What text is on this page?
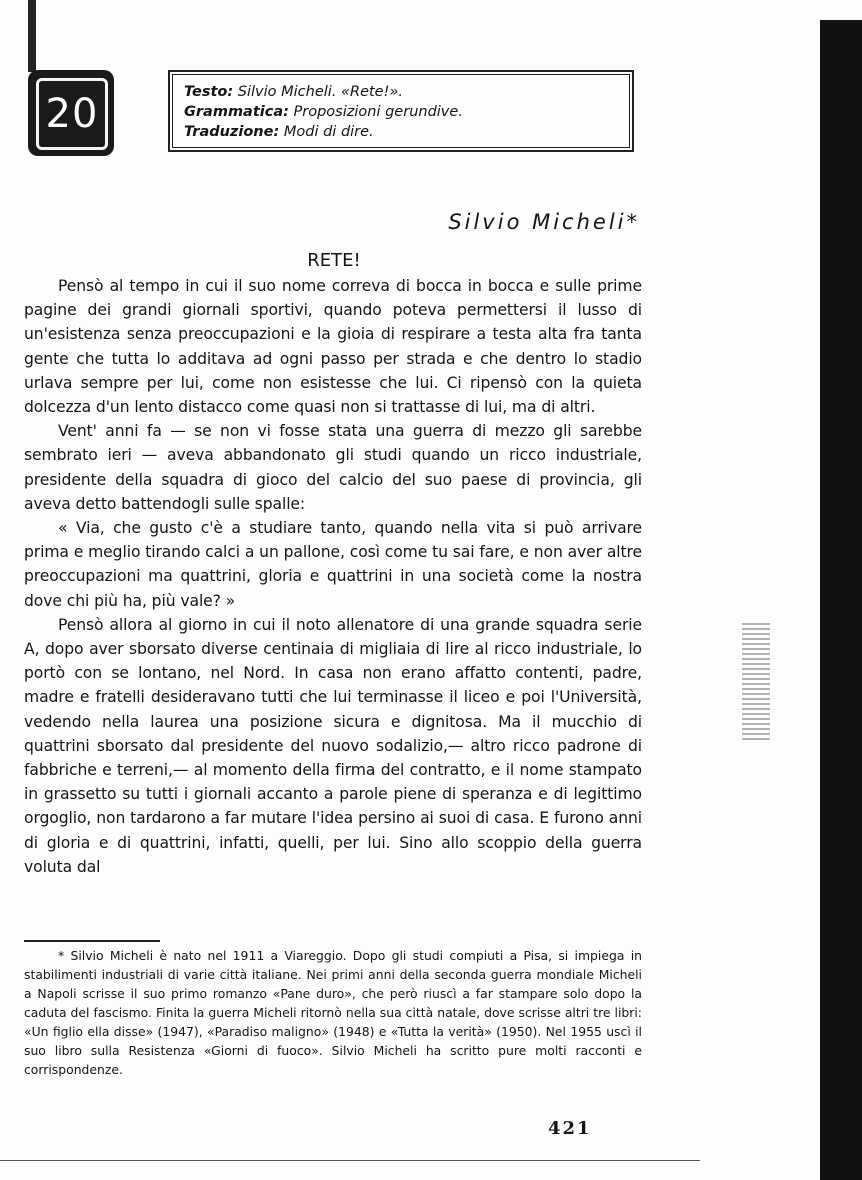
20	Testo: Silvio Micheli. «Rete!».
Grammatica: Proposizioni gerundive.
Traduzione: Modi di dire.
Silvio Micheli*
RETE!

Pensò al tempo in cui il suo nome correva di bocca in bocca e sulle prime pagine dei grandi giornali sportivi, quando poteva permettersi il lusso di un'esistenza senza preoccupazioni e la gioia di respirare a testa alta fra tanta gente che tutta lo additava ad ogni passo per strada e che dentro lo stadio urlava sempre per lui, come non esistesse che lui. Ci ripensò con la quieta dolcezza d'un lento distacco come quasi non si trattasse di lui, ma di altri.

Vent' anni fa — se non vi fosse stata una guerra di mezzo gli sarebbe sembrato ieri — aveva abbandonato gli studi quando un ricco industriale, presidente della squadra di gioco del calcio del suo paese di provincia, gli aveva detto battendogli sulle spalle:

« Via, che gusto c'è a studiare tanto, quando nella vita si può arrivare prima e meglio tirando calci a un pallone, così come tu sai fare, e non aver altre preoccupazioni ma quattrini, gloria e quattrini in una società come la nostra dove chi più ha, più vale? »

Pensò allora al giorno in cui il noto allenatore di una grande squadra serie A, dopo aver sborsato diverse centinaia di migliaia di lire al ricco industriale, lo portò con se lontano, nel Nord. In casa non erano affatto contenti, padre, madre e fratelli desideravano tutti che lui terminasse il liceo e poi l'Università, vedendo nella laurea una posizione sicura e dignitosa. Ma il mucchio di quattrini sborsato dal presidente del nuovo sodalizio,— altro ricco padrone di fabbriche e terreni,— al momento della firma del contratto, e il nome stampato in grassetto su tutti i giornali accanto a parole piene di speranza e di legittimo orgoglio, non tardarono a far mutare l'idea persino ai suoi di casa. E furono anni di gloria e di quattrini, infatti, quelli, per lui. Sino allo scoppio della guerra voluta dal

* Silvio Micheli è nato nel 1911 a Viareggio. Dopo gli studi compiuti a Pisa, si impiega in stabilimenti industriali di varie città italiane. Nei primi anni della seconda guerra mondiale Micheli a Napoli scrisse il suo primo romanzo «Pane duro», che però riuscì a far stampare solo dopo la caduta del fascismo. Finita la guerra Micheli ritornò nella sua città natale, dove scrisse altri tre libri: «Un figlio ella disse» (1947), «Paradiso maligno» (1948) e «Tutta la verità» (1950). Nel 1955 uscì il suo libro sulla Resistenza «Giorni di fuoco». Silvio Micheli ha scritto pure molti racconti e corrispondenze.

421
